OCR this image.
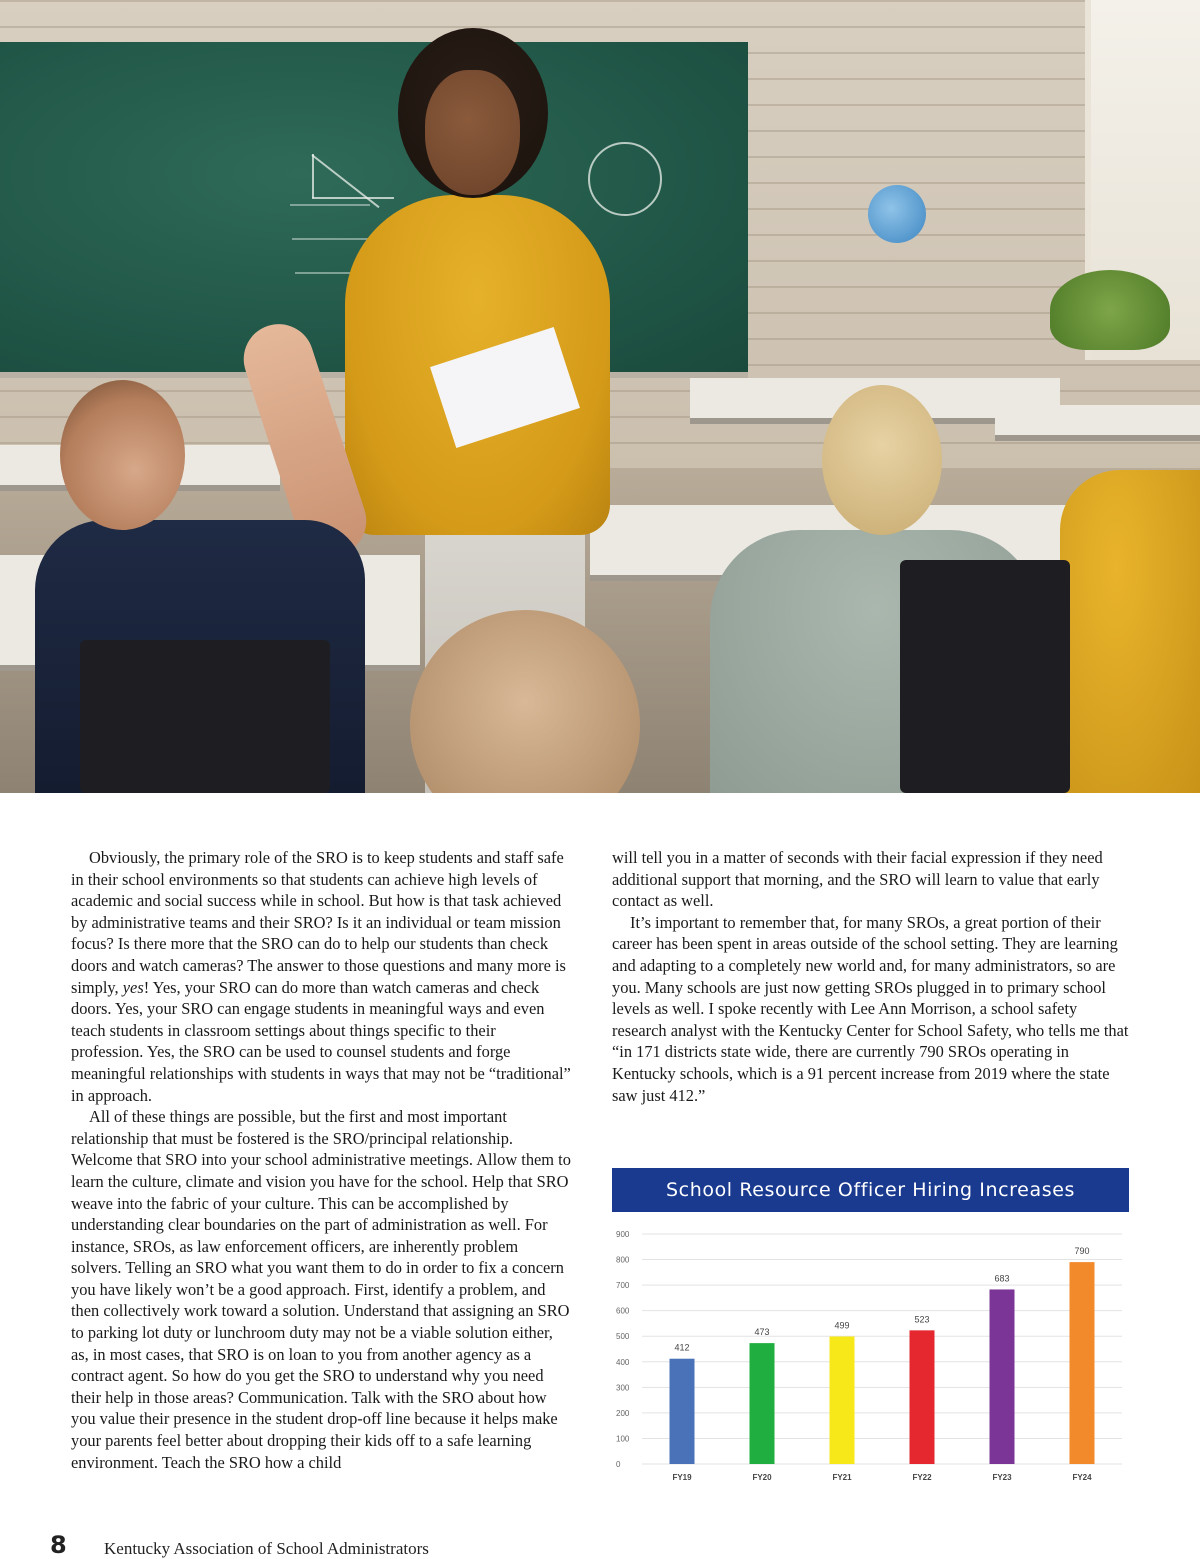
Obviously, the primary role of the SRO is to keep students and staff safe in their school environments so that students can achieve high levels of academic and social success while in school. But how is that task achieved by administrative teams and their SRO? Is it an individual or team mission focus? Is there more that the SRO can do to help our students than check doors and watch cameras? The answer to those questions and many more is simply, yes! Yes, your SRO can do more than watch cameras and check doors. Yes, your SRO can engage students in meaningful ways and even teach students in classroom settings about things specific to their profession. Yes, the SRO can be used to counsel students and forge meaningful relationships with students in ways that may not be “traditional” in approach.

All of these things are possible, but the first and most important relationship that must be fostered is the SRO/principal relationship. Welcome that SRO into your school administrative meetings. Allow them to learn the culture, climate and vision you have for the school. Help that SRO weave into the fabric of your culture. This can be accomplished by understanding clear boundaries on the part of administration as well. For instance, SROs, as law enforcement officers, are inherently problem solvers. Telling an SRO what you want them to do in order to fix a concern you have likely won’t be a good approach. First, identify a problem, and then collectively work toward a solution. Understand that assigning an SRO to parking lot duty or lunchroom duty may not be a viable solution either, as, in most cases, that SRO is on loan to you from another agency as a contract agent. So how do you get the SRO to understand why you need their help in those areas? Communication. Talk with the SRO about how you value their presence in the student drop-off line because it helps make your parents feel better about dropping their kids off to a safe learning environment. Teach the SRO how a child

will tell you in a matter of seconds with their facial expression if they need additional support that morning, and the SRO will learn to value that early contact as well.

It’s important to remember that, for many SROs, a great portion of their career has been spent in areas outside of the school setting. They are learning and adapting to a completely new world and, for many administrators, so are you. Many schools are just now getting SROs plugged in to primary school levels as well. I spoke recently with Lee Ann Morrison, a school safety research analyst with the Kentucky Center for School Safety, who tells me that “in 171 districts state wide, there are currently 790 SROs operating in Kentucky schools, which is a 91 percent increase from 2019 where the state saw just 412.”

School Resource Officer Hiring Increases
0
100
200
300
400
500
600
700
800
900
412
FY19
473
FY20
499
FY21
523
FY22
683
FY23
790
FY24
8 Kentucky Association of School Administrators
